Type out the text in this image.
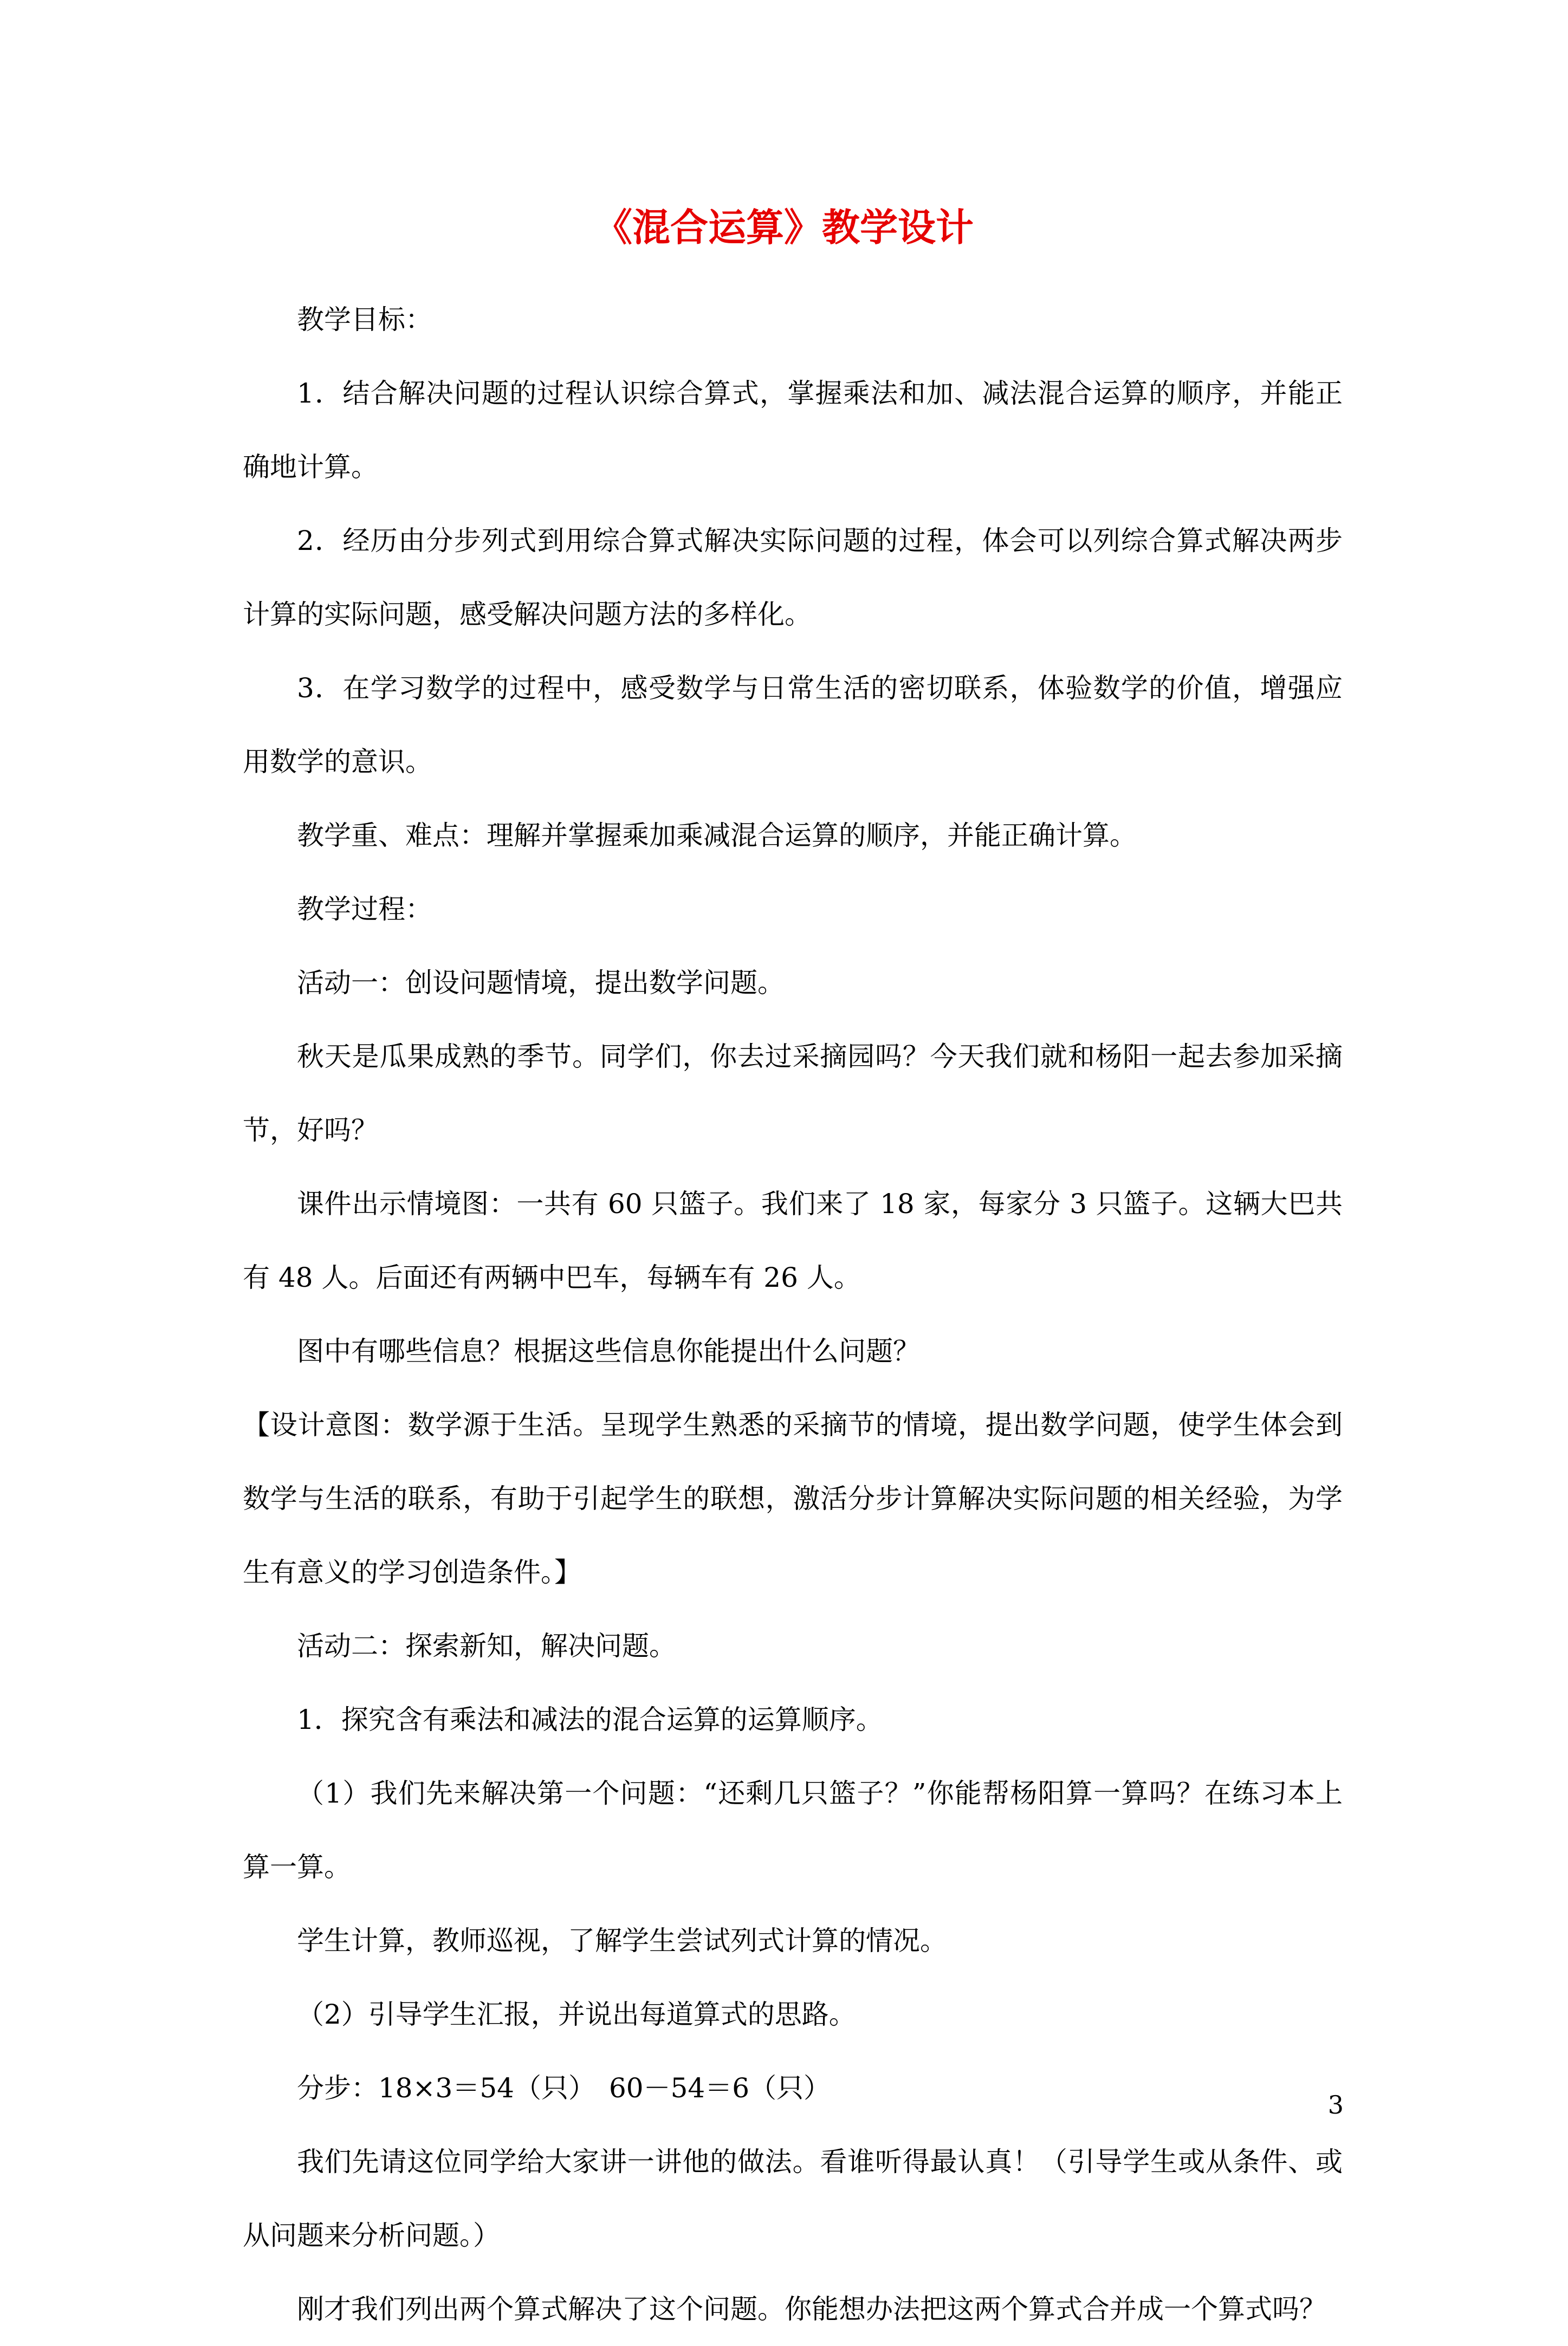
《混合运算》教学设计

教学目标：

1．结合解决问题的过程认识综合算式，掌握乘法和加、减法混合运算的顺序，并能正确地计算。

2．经历由分步列式到用综合算式解决实际问题的过程，体会可以列综合算式解决两步计算的实际问题，感受解决问题方法的多样化。

3．在学习数学的过程中，感受数学与日常生活的密切联系，体验数学的价值，增强应用数学的意识。

教学重、难点：理解并掌握乘加乘减混合运算的顺序，并能正确计算。

教学过程：

活动一：创设问题情境，提出数学问题。

秋天是瓜果成熟的季节。同学们，你去过采摘园吗？今天我们就和杨阳一起去参加采摘节，好吗？

课件出示情境图：一共有 60 只篮子。我们来了 18 家，每家分 3 只篮子。这辆大巴共有 48 人。后面还有两辆中巴车，每辆车有 26 人。

图中有哪些信息？根据这些信息你能提出什么问题？

【设计意图：数学源于生活。呈现学生熟悉的采摘节的情境，提出数学问题，使学生体会到数学与生活的联系，有助于引起学生的联想，激活分步计算解决实际问题的相关经验，为学生有意义的学习创造条件。】

活动二：探索新知，解决问题。

1．探究含有乘法和减法的混合运算的运算顺序。

（1）我们先来解决第一个问题：“还剩几只篮子？”你能帮杨阳算一算吗？在练习本上算一算。

学生计算，教师巡视，了解学生尝试列式计算的情况。

（2）引导学生汇报，并说出每道算式的思路。

分步：18×3＝54（只）　60－54＝6（只）

我们先请这位同学给大家讲一讲他的做法。看谁听得最认真！（引导学生或从条件、或从问题来分析问题。）

刚才我们列出两个算式解决了这个问题。你能想办法把这两个算式合并成一个算式吗？

3
